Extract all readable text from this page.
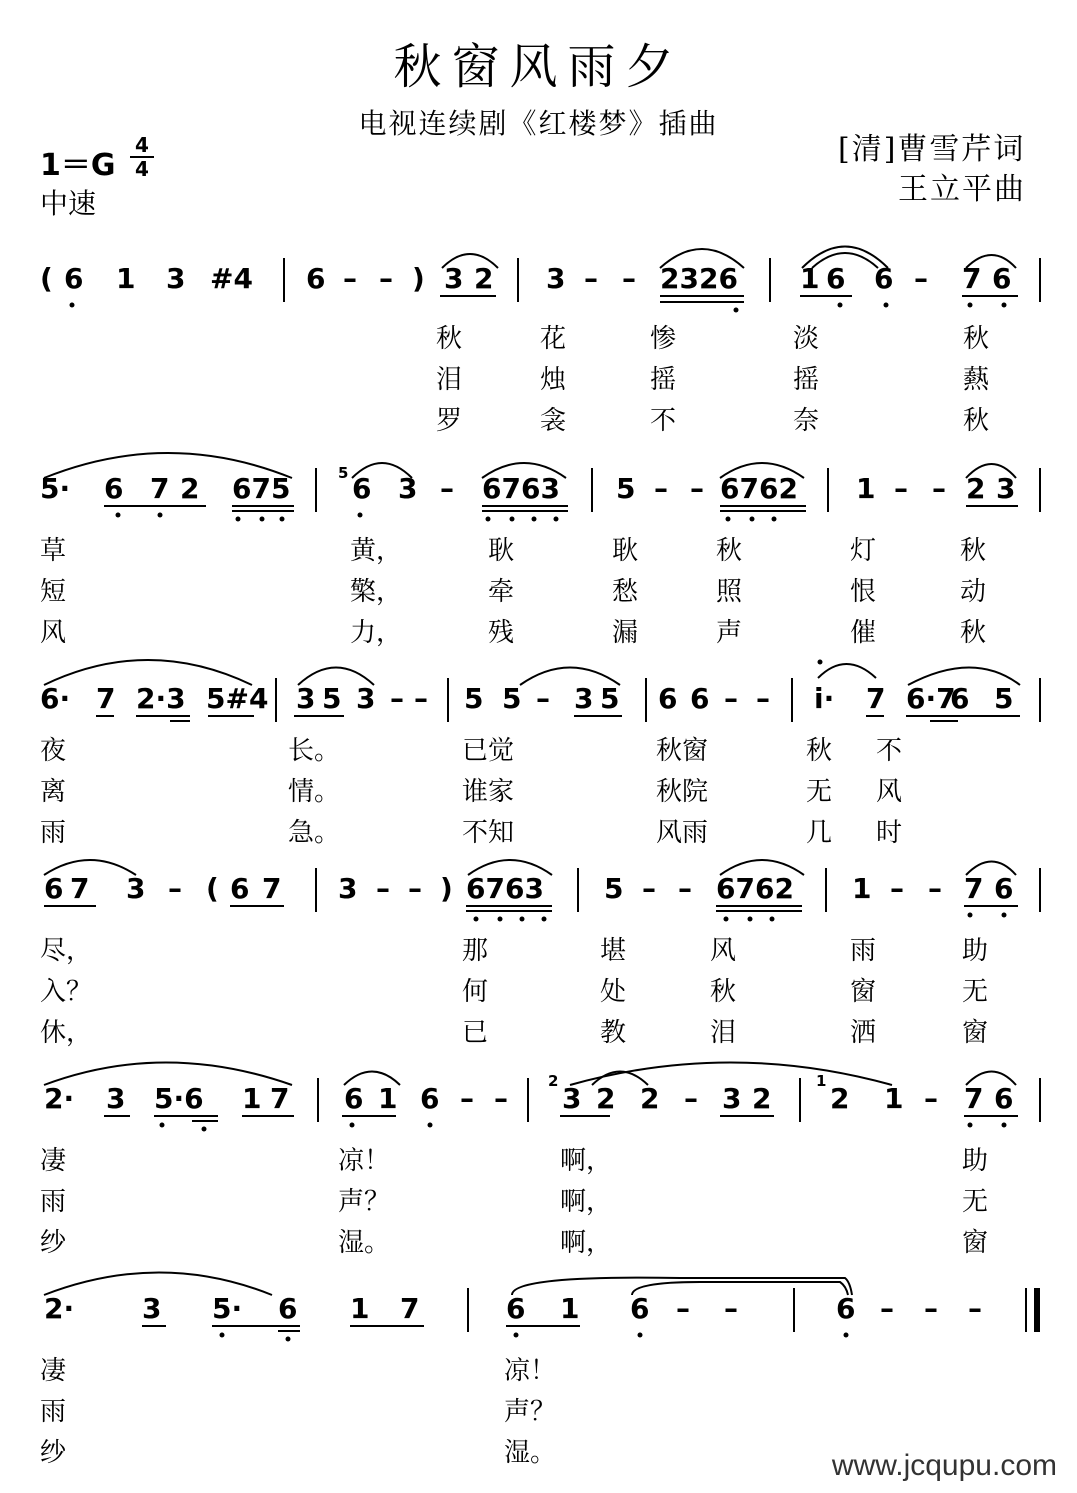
秋窗风雨夕
电视连续剧《红楼梦》插曲
[清]曹雪芹词
王立平曲
1＝G
4
4
中速
( 6 1 3 #4 6 – – ) 3 2 3 – – 2326 1 6 6 – 7 6
秋	花	惨	淡	秋
泪	烛	摇	摇	爇
罗	衾	不	奈	秋
5· 6 7 2 675 6 3 – 6763 5 – – 6762 1 – – 2 3
草	黄，	耿	耿	秋	灯	秋
短	檠，	牵	愁	照	恨	动
风	力，	残	漏	声	催	秋
6· 7 2·3 5#4 3 5 3 – – 5 5 – 3 5 6 6 – – i· 7 6·7
6 5
夜	长。	已觉	秋窗	秋 不
离	情。	谁家	秋院	无 风
雨	急。	不知	风雨	几 时
6 7 3 – ( 6 7 3 – – ) 6763 5 – – 6762 1 – – 7 6
尽，	那	堪	风	雨	助
入？	何	处	秋	窗	无
休，	已	教	泪	洒	窗
2· 3 5·6 1 7 6 1 6 – – 3 2 2 – 3 2 2 1 – 7 6
凄	凉！	啊，	助
雨	声？	啊，	无
纱	湿。	啊，	窗
2· 3 5· 6 1 7	6 1 6 – –	6 – – –
凄	凉！
雨	声？
纱	湿。
5
2	1
www.jcqupu.com
